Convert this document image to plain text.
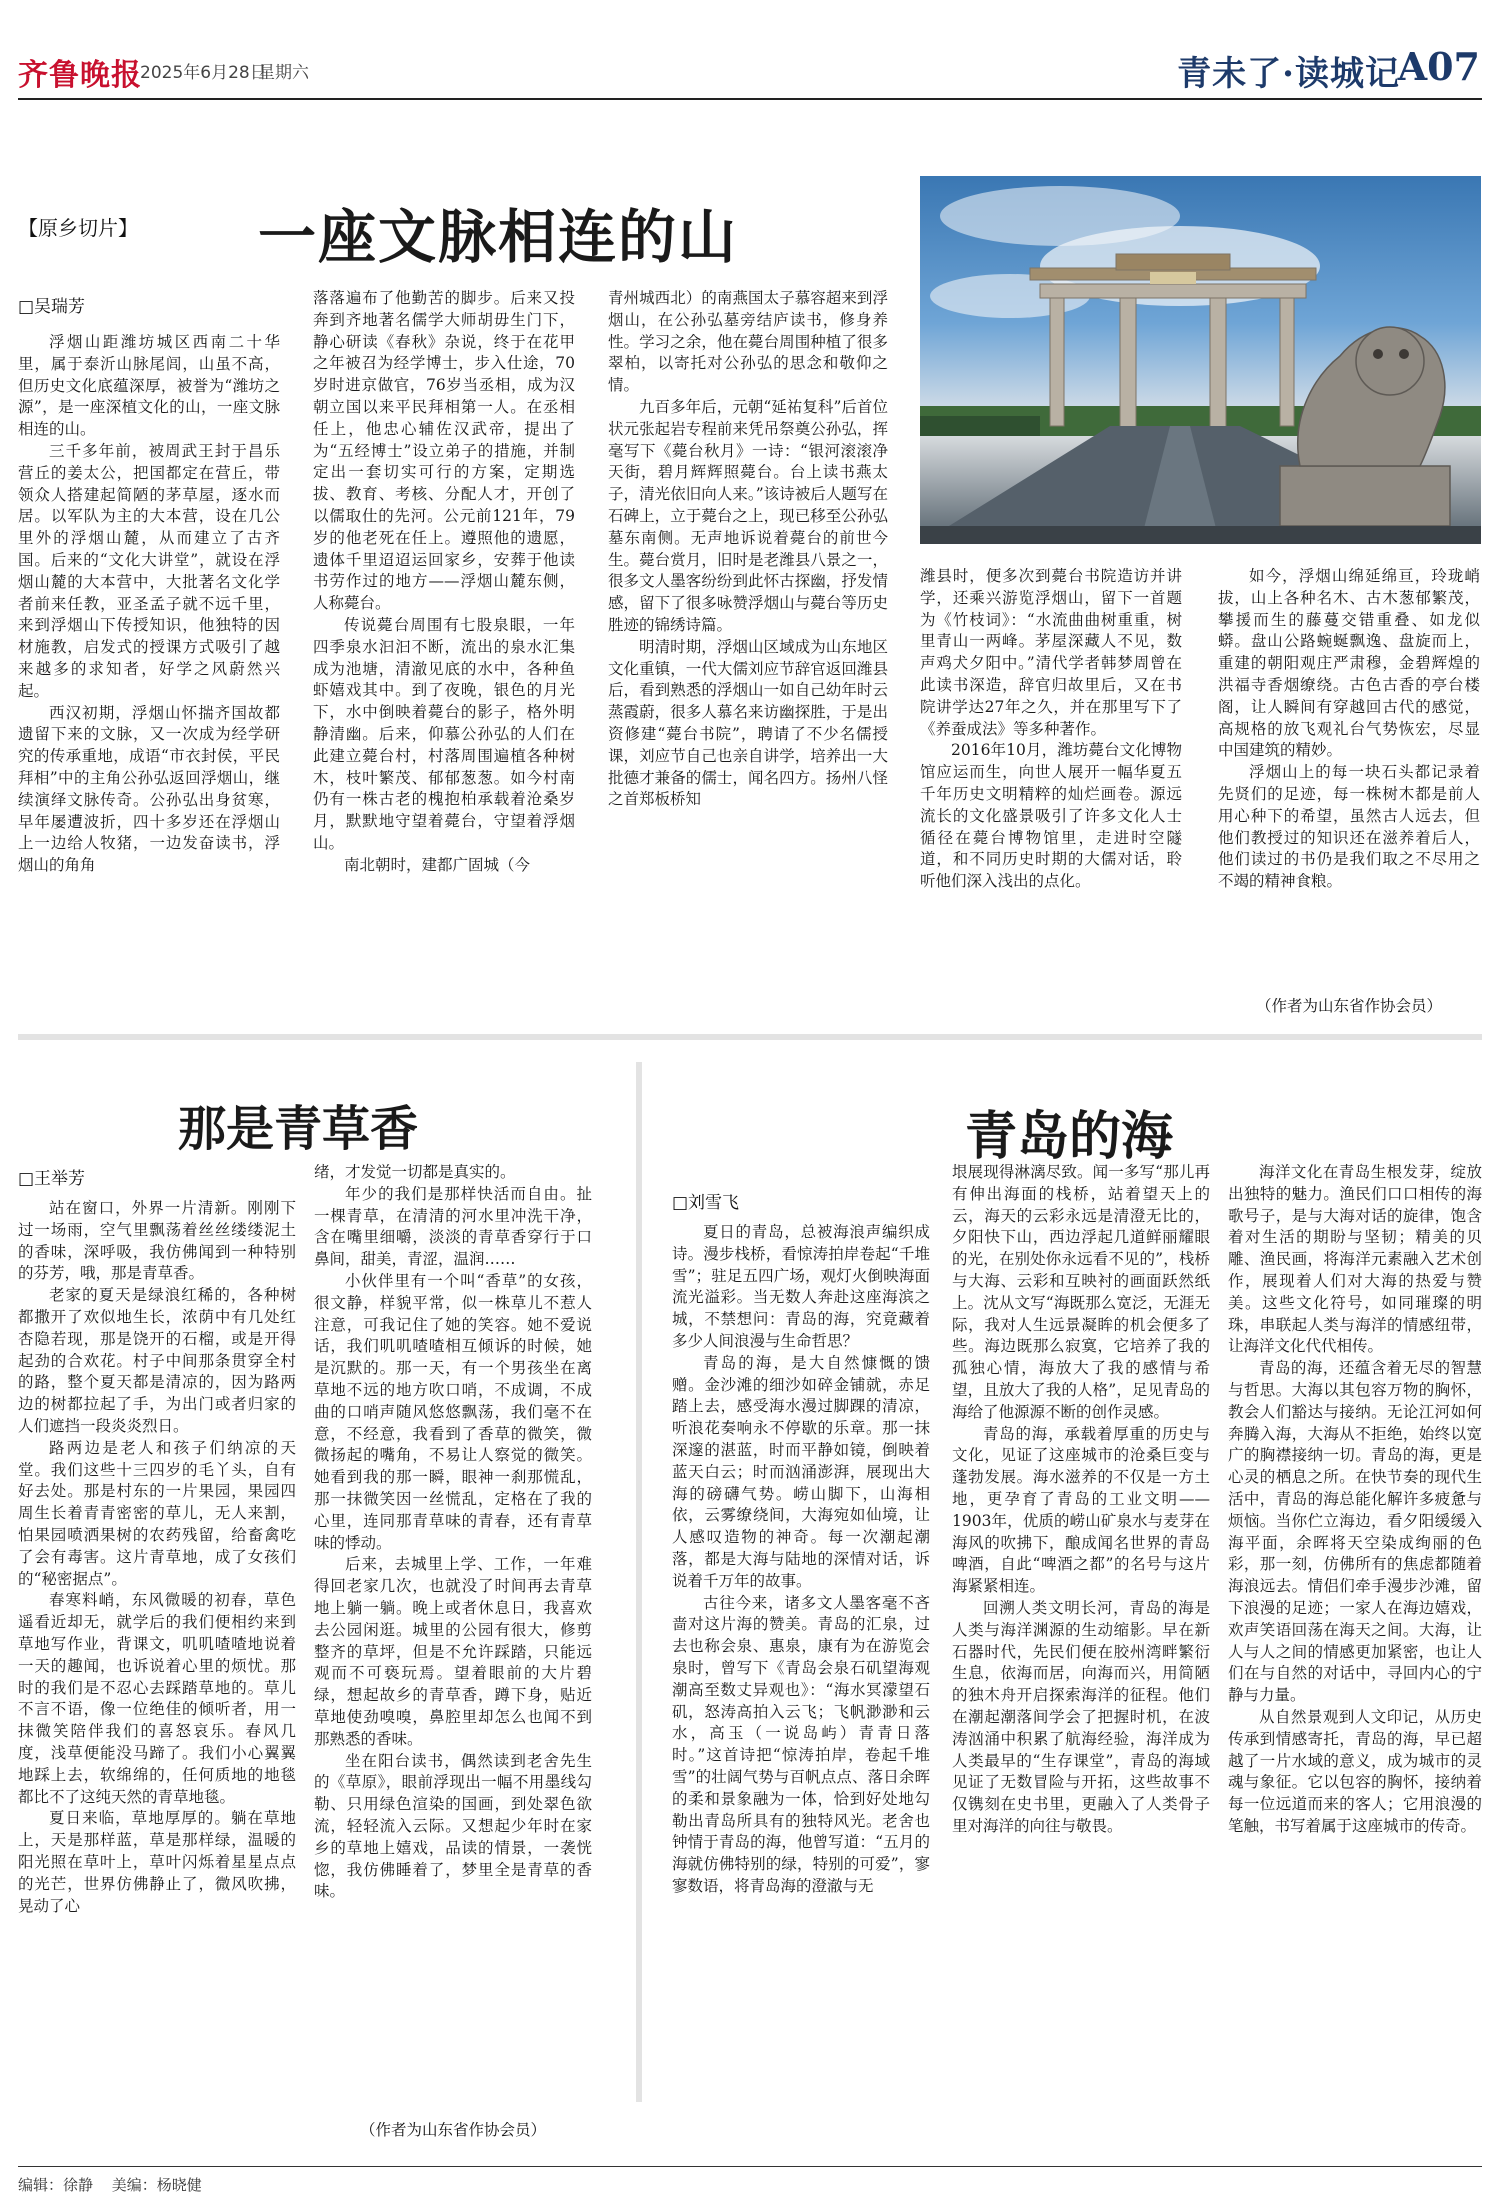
齐鲁晚报
2025年6月28日
星期六	青未了·读城记
A07
【原乡切片】 一座文脉相连的山
□吴瑞芳

浮烟山距潍坊城区西南二十华里，属于泰沂山脉尾闾，山虽不高，但历史文化底蕴深厚，被誉为“潍坊之源”，是一座深植文化的山，一座文脉相连的山。

三千多年前，被周武王封于昌乐营丘的姜太公，把国都定在营丘，带领众人搭建起简陋的茅草屋，逐水而居。以军队为主的大本营，设在几公里外的浮烟山麓，从而建立了古齐国。后来的“文化大讲堂”，就设在浮烟山麓的大本营中，大批著名文化学者前来任教，亚圣孟子就不远千里，来到浮烟山下传授知识，他独特的因材施教，启发式的授课方式吸引了越来越多的求知者，好学之风蔚然兴起。

西汉初期，浮烟山怀揣齐国故都遗留下来的文脉，又一次成为经学研究的传承重地，成语“市衣封侯，平民拜相”中的主角公孙弘返回浮烟山，继续演绎文脉传奇。公孙弘出身贫寒，早年屡遭波折，四十多岁还在浮烟山上一边给人牧猪，一边发奋读书，浮烟山的角角

落落遍布了他勤苦的脚步。后来又投奔到齐地著名儒学大师胡毋生门下，静心研读《春秋》杂说，终于在花甲之年被召为经学博士，步入仕途，70岁时进京做官，76岁当丞相，成为汉朝立国以来平民拜相第一人。在丞相任上，他忠心辅佐汉武帝，提出了为“五经博士”设立弟子的措施，并制定出一套切实可行的方案，定期选拔、教育、考核、分配人才，开创了以儒取仕的先河。公元前121年，79岁的他老死在任上。遵照他的遗愿，遗体千里迢迢运回家乡，安葬于他读书劳作过的地方——浮烟山麓东侧，人称薨台。

传说薨台周围有七股泉眼，一年四季泉水汩汩不断，流出的泉水汇集成为池塘，清澈见底的水中，各种鱼虾嬉戏其中。到了夜晚，银色的月光下，水中倒映着薨台的影子，格外明静清幽。后来，仰慕公孙弘的人们在此建立薨台村，村落周围遍植各种树木，枝叶繁茂、郁郁葱葱。如今村南仍有一株古老的槐抱柏承载着沧桑岁月，默默地守望着薨台，守望着浮烟山。

南北朝时，建都广固城（今

青州城西北）的南燕国太子慕容超来到浮烟山，在公孙弘墓旁结庐读书，修身养性。学习之余，他在薨台周围种植了很多翠柏，以寄托对公孙弘的思念和敬仰之情。

九百多年后，元朝“延祐复科”后首位状元张起岩专程前来凭吊祭奠公孙弘，挥毫写下《薨台秋月》一诗：“银河滚滚净天街，碧月辉辉照薨台。台上读书燕太子，清光依旧向人来。”该诗被后人题写在石碑上，立于薨台之上，现已移至公孙弘墓东南侧。无声地诉说着薨台的前世今生。薨台赏月，旧时是老潍县八景之一，很多文人墨客纷纷到此怀古探幽，抒发情感，留下了很多咏赞浮烟山与薨台等历史胜迹的锦绣诗篇。

明清时期，浮烟山区域成为山东地区文化重镇，一代大儒刘应节辞官返回潍县后，看到熟悉的浮烟山一如自己幼年时云蒸霞蔚，很多人慕名来访幽探胜，于是出资修建“薨台书院”，聘请了不少名儒授课，刘应节自己也亲自讲学，培养出一大批德才兼备的儒士，闻名四方。扬州八怪之首郑板桥知

潍县时，便多次到薨台书院造访并讲学，还乘兴游览浮烟山，留下一首题为《竹枝词》：“水流曲曲树重重，树里青山一两峰。茅屋深藏人不见，数声鸡犬夕阳中。”清代学者韩梦周曾在此读书深造，辞官归故里后，又在书院讲学达27年之久，并在那里写下了《养蚕成法》等多种著作。

2016年10月，潍坊薨台文化博物馆应运而生，向世人展开一幅华夏五千年历史文明精粹的灿烂画卷。源远流长的文化盛景吸引了许多文化人士循径在薨台博物馆里，走进时空隧道，和不同历史时期的大儒对话，聆听他们深入浅出的点化。

如今，浮烟山绵延绵亘，玲珑峭拔，山上各种名木、古木葱郁繁茂，攀援而生的藤蔓交错重叠、如龙似蟒。盘山公路蜿蜒飘逸、盘旋而上，重建的朝阳观庄严肃穆，金碧辉煌的洪福寺香烟缭绕。古色古香的亭台楼阁，让人瞬间有穿越回古代的感觉，高规格的放飞观礼台气势恢宏，尽显中国建筑的精妙。

浮烟山上的每一块石头都记录着先贤们的足迹，每一株树木都是前人用心种下的希望，虽然古人远去，但他们教授过的知识还在滋养着后人，他们读过的书仍是我们取之不尽用之不竭的精神食粮。

（作者为山东省作协会员）
那是青草香
□王举芳

站在窗口，外界一片清新。刚刚下过一场雨，空气里飘荡着丝丝缕缕泥土的香味，深呼吸，我仿佛闻到一种特别的芬芳，哦，那是青草香。

老家的夏天是绿浪红稀的，各种树都撒开了欢似地生长，浓荫中有几处红杏隐若现，那是饶开的石榴，或是开得起劲的合欢花。村子中间那条贯穿全村的路，整个夏天都是清凉的，因为路两边的树都拉起了手，为出门或者归家的人们遮挡一段炎炎烈日。

路两边是老人和孩子们纳凉的天堂。我们这些十三四岁的毛丫头，自有好去处。那是村东的一片果园，果园四周生长着青青密密的草儿，无人来割，怕果园喷洒果树的农药残留，给畜禽吃了会有毒害。这片青草地，成了女孩们的“秘密据点”。

春寒料峭，东风微暖的初春，草色遥看近却无，就学后的我们便相约来到草地写作业，背课文，叽叽喳喳地说着一天的趣闻，也诉说着心里的烦忧。那时的我们是不忍心去踩踏草地的。草儿不言不语，像一位绝佳的倾听者，用一抹微笑陪伴我们的喜怒哀乐。春风几度，浅草便能没马蹄了。我们小心翼翼地踩上去，软绵绵的，任何质地的地毯都比不了这纯天然的青草地毯。

夏日来临，草地厚厚的。躺在草地上，天是那样蓝，草是那样绿，温暖的阳光照在草叶上，草叶闪烁着星星点点的光芒，世界仿佛静止了，微风吹拂，晃动了心

绪，才发觉一切都是真实的。

年少的我们是那样快活而自由。扯一棵青草，在清清的河水里冲洗干净，含在嘴里细嚼，淡淡的青草香穿行于口鼻间，甜美，青涩，温润……

小伙伴里有一个叫“香草”的女孩，很文静，样貌平常，似一株草儿不惹人注意，可我记住了她的笑容。她不爱说话，我们叽叽喳喳相互倾诉的时候，她是沉默的。那一天，有一个男孩坐在离草地不远的地方吹口哨，不成调，不成曲的口哨声随风悠悠飘荡，我们毫不在意，不经意，我看到了香草的微笑，微微扬起的嘴角，不易让人察觉的微笑。她看到我的那一瞬，眼神一刹那慌乱，那一抹微笑因一丝慌乱，定格在了我的心里，连同那青草味的青春，还有青草味的悸动。

后来，去城里上学、工作，一年难得回老家几次，也就没了时间再去青草地上躺一躺。晚上或者休息日，我喜欢去公园闲逛。城里的公园有很大，修剪整齐的草坪，但是不允许踩踏，只能远观而不可亵玩焉。望着眼前的大片碧绿，想起故乡的青草香，蹲下身，贴近草地使劲嗅嗅，鼻腔里却怎么也闻不到那熟悉的香味。

坐在阳台读书，偶然读到老舍先生的《草原》，眼前浮现出一幅不用墨线勾勒、只用绿色渲染的国画，到处翠色欲流，轻轻流入云际。又想起少年时在家乡的草地上嬉戏，品读的情景，一袭恍惚，我仿佛睡着了，梦里全是青草的香味。

（作者为山东省作协会员）
青岛的海
□刘雪飞

夏日的青岛，总被海浪声编织成诗。漫步栈桥，看惊涛拍岸卷起“千堆雪”；驻足五四广场，观灯火倒映海面流光溢彩。当无数人奔赴这座海滨之城，不禁想问：青岛的海，究竟藏着多少人间浪漫与生命哲思？

青岛的海，是大自然慷慨的馈赠。金沙滩的细沙如碎金铺就，赤足踏上去，感受海水漫过脚踝的清凉，听浪花奏响永不停歇的乐章。那一抹深邃的湛蓝，时而平静如镜，倒映着蓝天白云；时而汹涌澎湃，展现出大海的磅礴气势。崂山脚下，山海相依，云雾缭绕间，大海宛如仙境，让人感叹造物的神奇。每一次潮起潮落，都是大海与陆地的深情对话，诉说着千万年的故事。

古往今来，诸多文人墨客毫不吝啬对这片海的赞美。青岛的汇泉，过去也称会泉、惠泉，康有为在游览会泉时，曾写下《青岛会泉石矶望海观潮高至数丈异观也》：“海水冥濛望石矶，怒涛高拍入云飞；飞帆渺渺和云水，高玉（一说岛屿）青青日落时。”这首诗把“惊涛拍岸，卷起千堆雪”的壮阔气势与百帆点点、落日余晖的柔和景象融为一体，恰到好处地勾勒出青岛所具有的独特风光。老舍也钟情于青岛的海，他曾写道：“五月的海就仿佛特别的绿，特别的可爱”，寥寥数语，将青岛海的澄澈与无

垠展现得淋漓尽致。闻一多写“那儿再有伸出海面的栈桥，站着望天上的云，海天的云彩永远是清澄无比的，夕阳快下山，西边浮起几道鲜丽耀眼的光，在别处你永远看不见的”，栈桥与大海、云彩和互映衬的画面跃然纸上。沈从文写“海既那么宽泛，无涯无际，我对人生远景凝眸的机会便多了些。海边既那么寂寞，它培养了我的孤独心情，海放大了我的感情与希望，且放大了我的人格”，足见青岛的海给了他源源不断的创作灵感。

青岛的海，承载着厚重的历史与文化，见证了这座城市的沧桑巨变与蓬勃发展。海水滋养的不仅是一方土地，更孕育了青岛的工业文明——1903年，优质的崂山矿泉水与麦芽在海风的吹拂下，酿成闻名世界的青岛啤酒，自此“啤酒之都”的名号与这片海紧紧相连。

回溯人类文明长河，青岛的海是人类与海洋渊源的生动缩影。早在新石器时代，先民们便在胶州湾畔繁衍生息，依海而居，向海而兴，用简陋的独木舟开启探索海洋的征程。他们在潮起潮落间学会了把握时机，在波涛汹涌中积累了航海经验，海洋成为人类最早的“生存课堂”，青岛的海域见证了无数冒险与开拓，这些故事不仅镌刻在史书里，更融入了人类骨子里对海洋的向往与敬畏。

海洋文化在青岛生根发芽，绽放出独特的魅力。渔民们口口相传的海歌号子，是与大海对话的旋律，饱含着对生活的期盼与坚韧；精美的贝雕、渔民画，将海洋元素融入艺术创作，展现着人们对大海的热爱与赞美。这些文化符号，如同璀璨的明珠，串联起人类与海洋的情感纽带，让海洋文化代代相传。

青岛的海，还蕴含着无尽的智慧与哲思。大海以其包容万物的胸怀，教会人们豁达与接纳。无论江河如何奔腾入海，大海从不拒绝，始终以宽广的胸襟接纳一切。青岛的海，更是心灵的栖息之所。在快节奏的现代生活中，青岛的海总能化解许多疲惫与烦恼。当你伫立海边，看夕阳缓缓入海平面，余晖将天空染成绚丽的色彩，那一刻，仿佛所有的焦虑都随着海浪远去。情侣们牵手漫步沙滩，留下浪漫的足迹；一家人在海边嬉戏，欢声笑语回荡在海天之间。大海，让人与人之间的情感更加紧密，也让人们在与自然的对话中，寻回内心的宁静与力量。

从自然景观到人文印记，从历史传承到情感寄托，青岛的海，早已超越了一片水域的意义，成为城市的灵魂与象征。它以包容的胸怀，接纳着每一位远道而来的客人；它用浪漫的笔触，书写着属于这座城市的传奇。

编辑：徐静 美编：杨晓健
